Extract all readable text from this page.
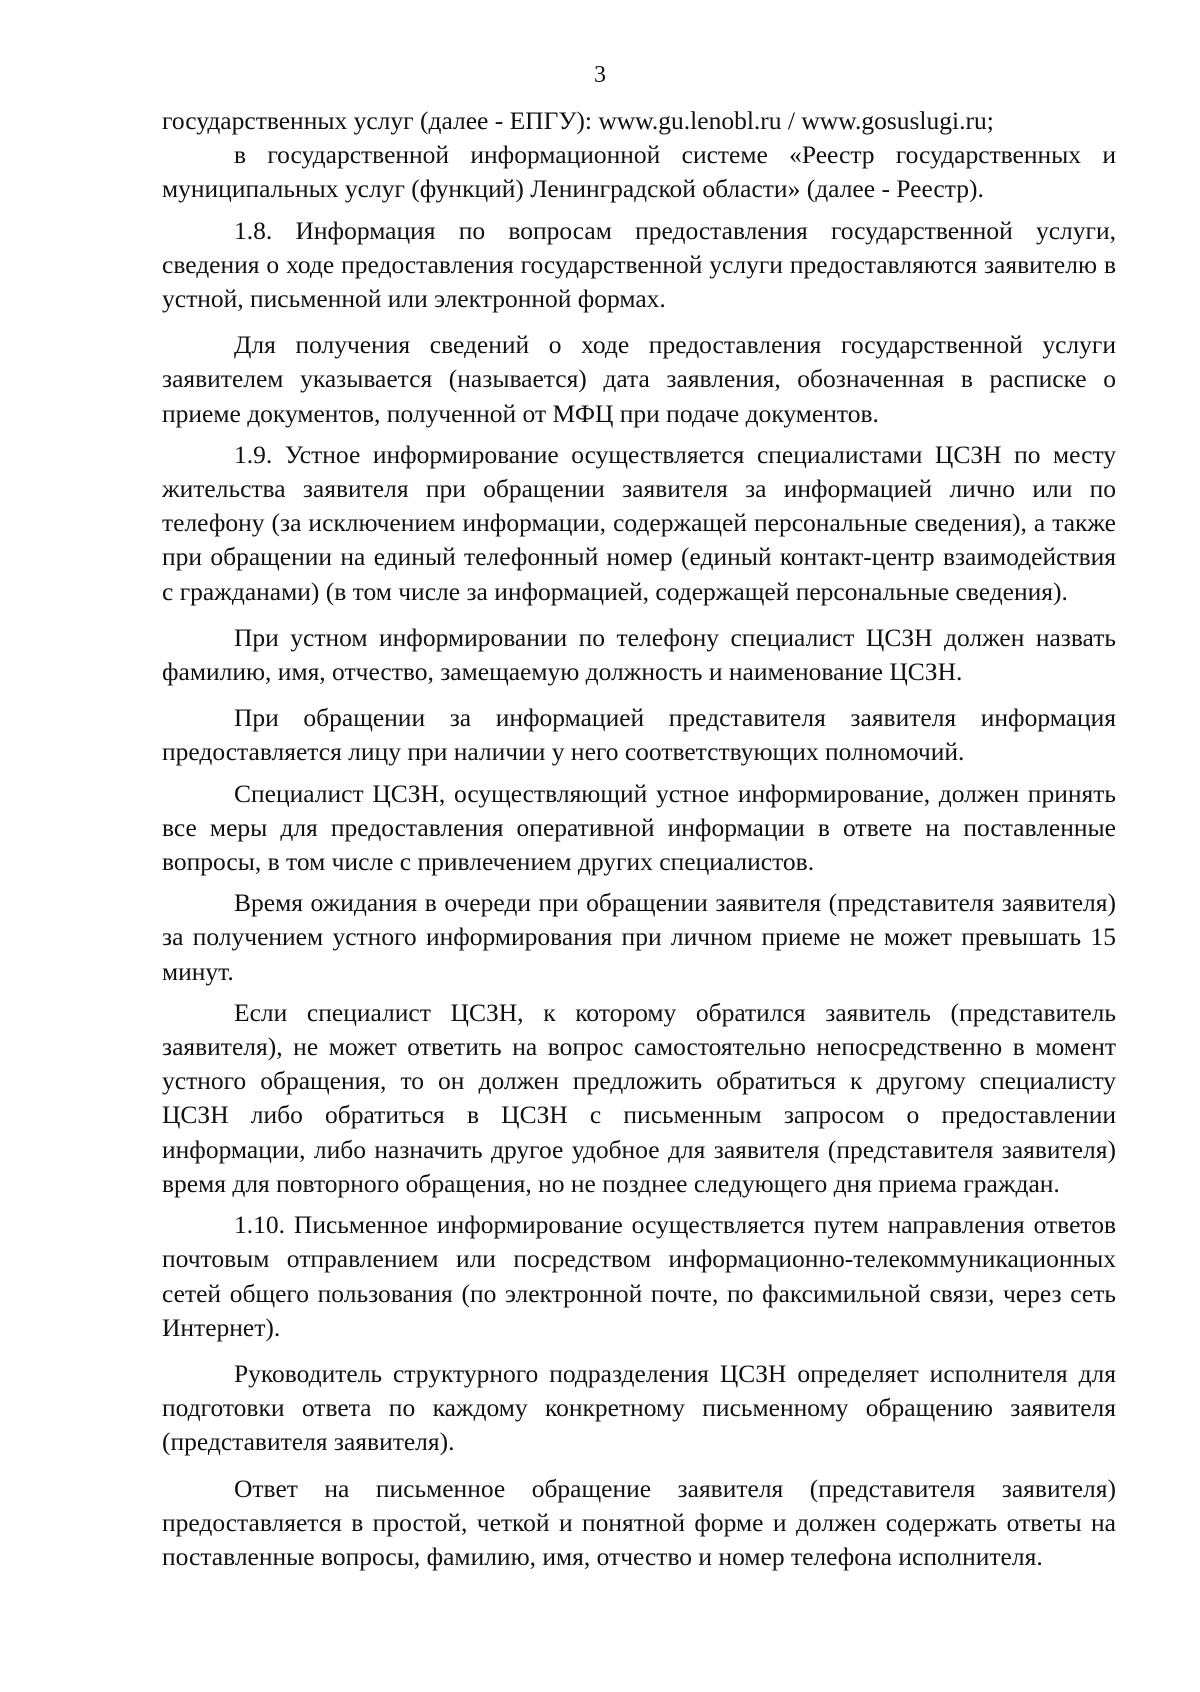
3

государственных услуг (далее - ЕПГУ): www.gu.lenobl.ru / www.gosuslugi.ru;

в государственной информационной системе «Реестр государственных и муниципальных услуг (функций) Ленинградской области» (далее - Реестр).

1.8. Информация по вопросам предоставления государственной услуги, сведения о ходе предоставления государственной услуги предоставляются заявителю в устной, письменной или электронной формах.

Для получения сведений о ходе предоставления государственной услуги заявителем указывается (называется) дата заявления, обозначенная в расписке о приеме документов, полученной от МФЦ при подаче документов.

1.9. Устное информирование осуществляется специалистами ЦСЗН по месту жительства заявителя при обращении заявителя за информацией лично или по телефону (за исключением информации, содержащей персональные сведения), а также при обращении на единый телефонный номер (единый контакт-центр взаимодействия с гражданами) (в том числе за информацией, содержащей персональные сведения).

При устном информировании по телефону специалист ЦСЗН должен назвать фамилию, имя, отчество, замещаемую должность и наименование ЦСЗН.

При обращении за информацией представителя заявителя информация предоставляется лицу при наличии у него соответствующих полномочий.

Специалист ЦСЗН, осуществляющий устное информирование, должен принять все меры для предоставления оперативной информации в ответе на поставленные вопросы, в том числе с привлечением других специалистов.

Время ожидания в очереди при обращении заявителя (представителя заявителя) за получением устного информирования при личном приеме не может превышать 15 минут.

Если специалист ЦСЗН, к которому обратился заявитель (представитель заявителя), не может ответить на вопрос самостоятельно непосредственно в момент устного обращения, то он должен предложить обратиться к другому специалисту ЦСЗН либо обратиться в ЦСЗН с письменным запросом о предоставлении информации, либо назначить другое удобное для заявителя (представителя заявителя) время для повторного обращения, но не позднее следующего дня приема граждан.

1.10. Письменное информирование осуществляется путем направления ответов почтовым отправлением или посредством информационно-телекоммуникационных сетей общего пользования (по электронной почте, по факсимильной связи, через сеть Интернет).

Руководитель структурного подразделения ЦСЗН определяет исполнителя для подготовки ответа по каждому конкретному письменному обращению заявителя (представителя заявителя).

Ответ на письменное обращение заявителя (представителя заявителя) предоставляется в простой, четкой и понятной форме и должен содержать ответы на поставленные вопросы, фамилию, имя, отчество и номер телефона исполнителя.
